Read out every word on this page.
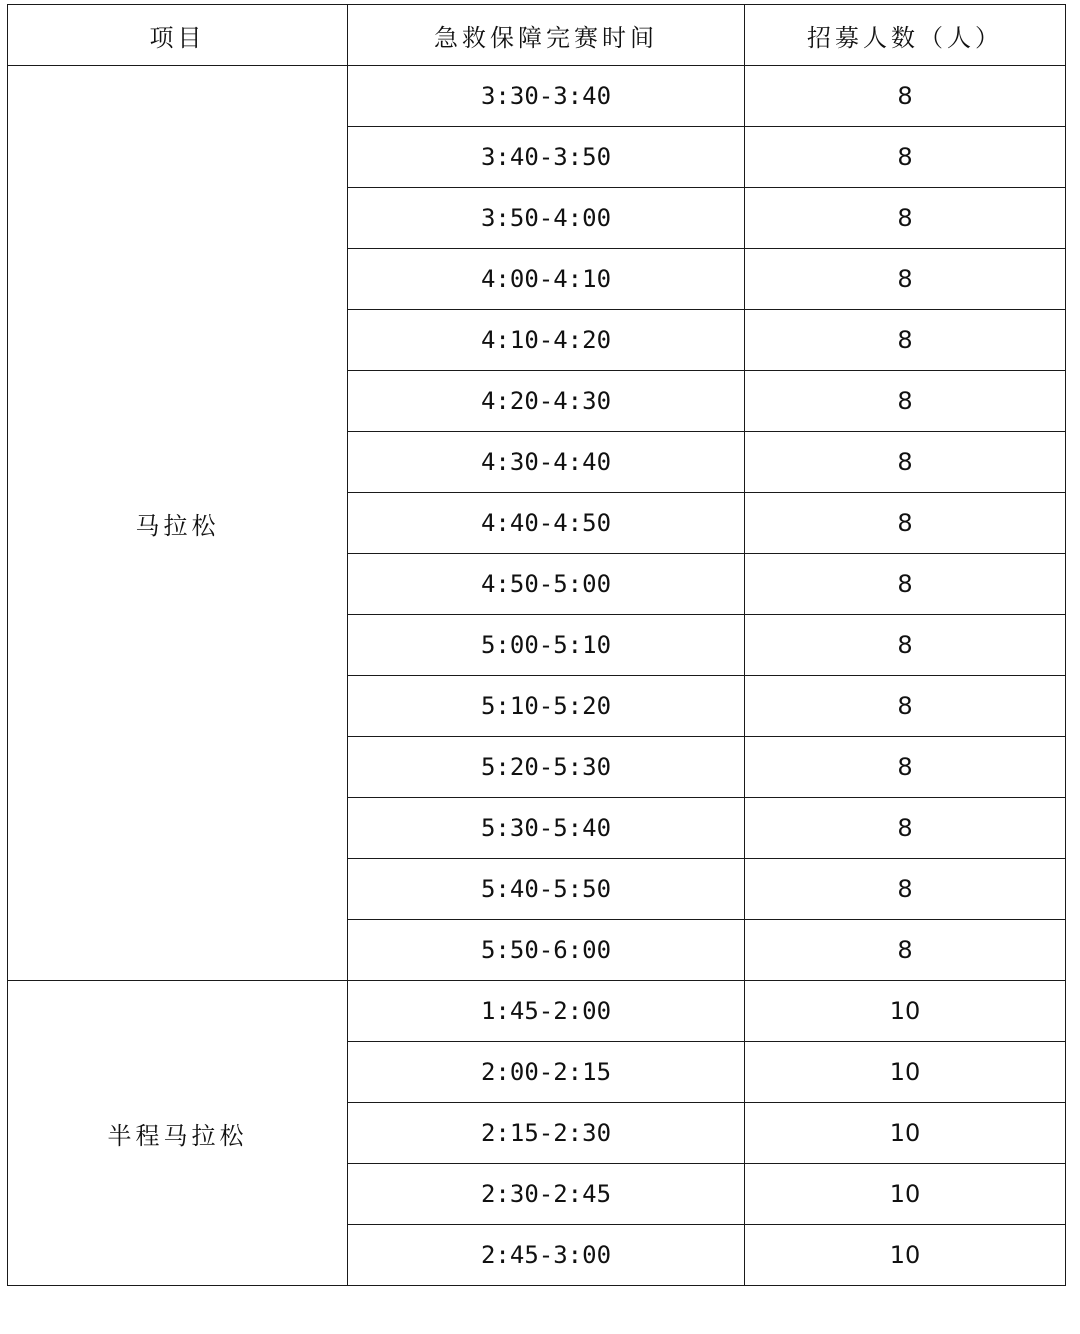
项目	急救保障完赛时间	招募人数（人）
马拉松	3:30-3:40	8
	3:40-3:50	8
	3:50-4:00	8
	4:00-4:10	8
	4:10-4:20	8
	4:20-4:30	8
	4:30-4:40	8
	4:40-4:50	8
	4:50-5:00	8
	5:00-5:10	8
	5:10-5:20	8
	5:20-5:30	8
	5:30-5:40	8
	5:40-5:50	8
	5:50-6:00	8
半程马拉松	1:45-2:00	10
	2:00-2:15	10
	2:15-2:30	10
	2:30-2:45	10
	2:45-3:00	10
